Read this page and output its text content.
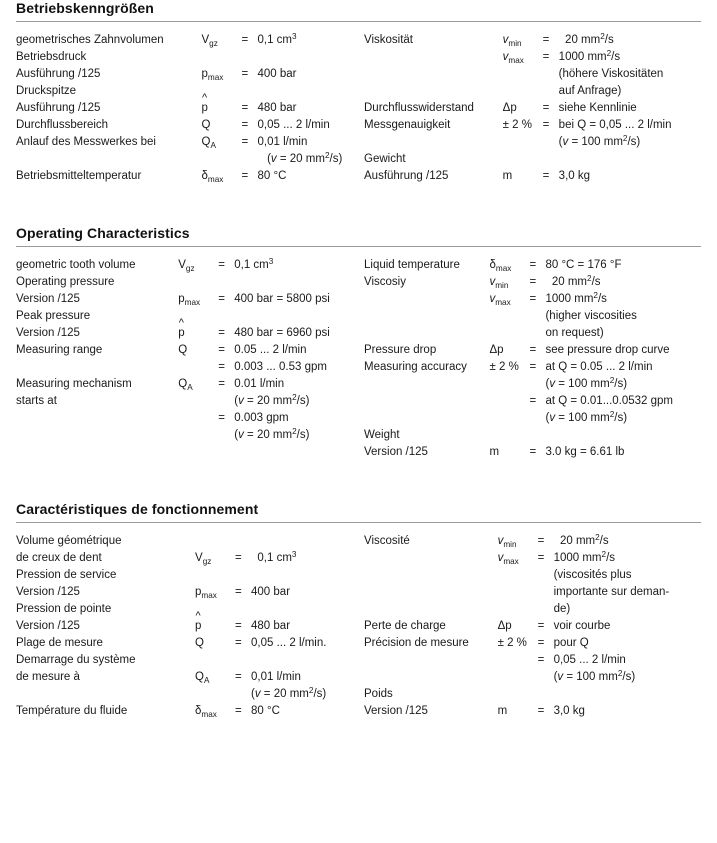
Betriebskenngrößen
geometrisches Zahnvolumen	$V_{gz}$	=	0,1 $cm^3$
Betriebsdruck			
Ausführung /125	$p_{max}$	=	400 bar
Druckspitze			
Ausführung /125	^
p	=	480 bar
Durchflussbereich	Q	=	0,05 ... 2 l/min
Anlauf des Messwerkes bei	$Q_A$	=	0,01 l/min
			(v = 20 $mm^2/s$)
Betriebsmitteltemperatur	$\delta_{max}$	=	80 °C
Viskosität	$v_{min}$	=	20 $mm^2/s$
	$v_{max}$	=	1000 $mm^2/s$
			(höhere Viskositäten
			auf Anfrage)
Durchflusswiderstand	Δp	=	siehe Kennlinie
Messgenauigkeit	± 2 %	=	bei Q = 0,05 ... 2 l/min
			(v = 100 $mm^2/s$)
Gewicht			
Ausführung /125	m	=	3,0 kg
Operating Characteristics
geometric tooth volume	$V_{gz}$	=	0,1 $cm^3$
Operating pressure			
Version /125	$p_{max}$	=	400 bar = 5800 psi
Peak pressure			
Version /125	^
p	=	480 bar = 6960 psi
Measuring range	Q	=	0.05 ... 2 l/min
		=	0.003 ... 0.53 gpm
Measuring mechanism	$Q_A$	=	0.01 l/min
starts at			(v = 20 $mm^2/s$)
		=	0.003 gpm
			(v = 20 $mm^2/s$)
Liquid temperature	$\delta_{max}$	=	80 °C = 176 °F
Viscosiy	$v_{min}$	=	20 $mm^2/s$
	$v_{max}$	=	1000 $mm^2/s$
			(higher viscosities
			on request)
Pressure drop	Δp	=	see pressure drop curve
Measuring accuracy	± 2 %	=	at Q = 0.05 ... 2 l/min
			(v = 100 $mm^2/s$)
		=	at Q = 0.01...0.0532 gpm
			(v = 100 $mm^2/s$)
Weight			
Version /125	m	=	3.0 kg = 6.61 lb
Caractéristiques de fonctionnement
Volume géométrique			
de creux de dent	$V_{gz}$	=	0,1 $cm^3$
Pression de service			
Version /125	$p_{max}$	=	400 bar
Pression de pointe			
Version /125	^
p	=	480 bar
Plage de mesure	Q	=	0,05 ... 2 l/min.
Demarrage du système			
de mesure à	$Q_A$	=	0,01 l/min
			(v = 20 $mm^2/s$)
Température du fluide	$\delta_{max}$	=	80 °C
Viscosité	$v_{min}$	=	20 $mm^2/s$
	$v_{max}$	=	1000 $mm^2/s$
			(viscosités plus
			importante sur deman-
			de)
Perte de charge	Δp	=	voir courbe
Précision de mesure	± 2 %	=	pour Q
		=	0,05 ... 2 l/min
			(v = 100 $mm^2/s$)
Poids			
Version /125	m	=	3,0 kg
